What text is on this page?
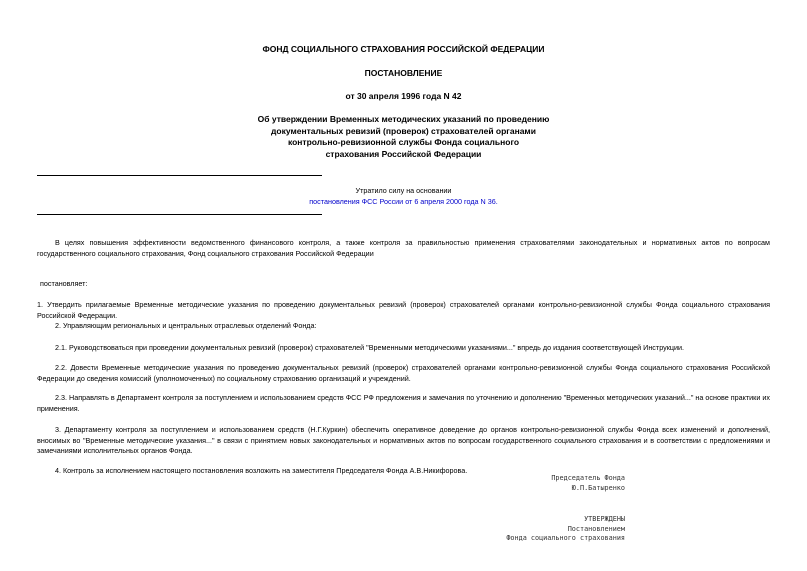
ФОНД СОЦИАЛЬНОГО СТРАХОВАНИЯ РОССИЙСКОЙ ФЕДЕРАЦИИ
ПОСТАНОВЛЕНИЕ
от 30 апреля 1996 года N 42
Об утверждении Временных методических указаний по проведению
документальных ревизий (проверок) страхователей органами
контрольно-ревизионной службы Фонда социального
страхования Российской Федерации
Утратило силу на основании
постановления ФСС России от 6 апреля 2000 года N 36.
В целях повышения эффективности ведомственного финансового контроля, а также контроля за правильностью применения страхователями законодательных и нормативных актов по вопросам государственного социального страхования, Фонд социального страхования Российской Федерации
постановляет:
1. Утвердить прилагаемые Временные методические указания по проведению документальных ревизий (проверок) страхователей органами контрольно-ревизионной службы Фонда социального страхования Российской Федерации.
2. Управляющим региональных и центральных отраслевых отделений Фонда:
2.1. Руководствоваться при проведении документальных ревизий (проверок) страхователей "Временными методическими указаниями..." впредь до издания соответствующей Инструкции.
2.2. Довести Временные методические указания по проведению документальных ревизий (проверок) страхователей органами контрольно-ревизионной службы Фонда социального страхования Российской Федерации до сведения комиссий (уполномоченных) по социальному страхованию организаций и учреждений.
2.3. Направлять в Департамент контроля за поступлением и использованием средств ФСС РФ предложения и замечания по уточнению и дополнению "Временных методических указаний..." на основе практики их применения.
3. Департаменту контроля за поступлением и использованием средств (Н.Г.Куркин) обеспечить оперативное доведение до органов контрольно-ревизионной службы Фонда всех изменений и дополнений, вносимых во "Временные методические указания..." в связи с принятием новых законодательных и нормативных актов по вопросам государственного социального страхования и в соответствии с предложениями и замечаниями исполнительных органов Фонда.
4. Контроль за исполнением настоящего постановления возложить на заместителя Председателя Фонда А.В.Никифорова.
Председатель Фонда
Ю.П.Батыренко
УТВЕРЖДЕНЫ
Постановлением
Фонда социального страхования
